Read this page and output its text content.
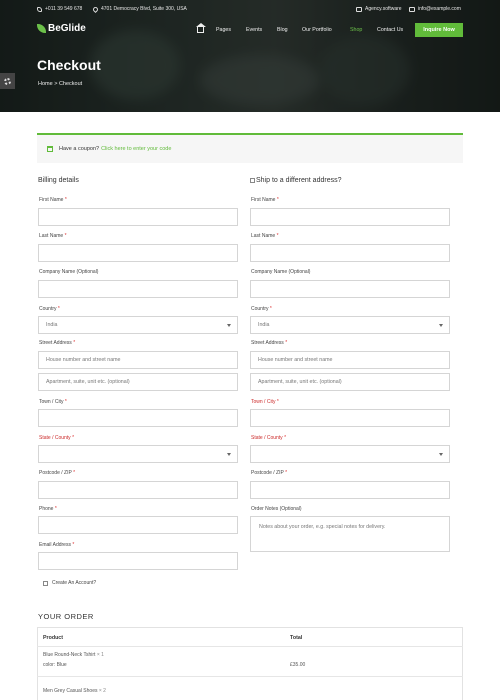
+011 39 549 678	4701 Democracy Blvd, Suite 300, USA	Agency.software	info@example.com
BeGlide	Pages	Events	Blog	Our Portfolio	Shop	Contact Us	Inquire Now
Checkout
Home > Checkout
Have a coupon? Click here to enter your code
Billing details
First Name *
Last Name *
Company Name (Optional)
Country *
India
Street Address *
House number and street name
Apartment, suite, unit etc. (optional)
Town / City *
State / County *
Postcode / ZIP *
Phone *
Email Address *
Create An Account?
Ship to a different address?
First Name *
Last Name *
Company Name (Optional)
Country *
India
Street Address *
House number and street name
Apartment, suite, unit etc. (optional)
Town / City *
State / County *
Postcode / ZIP *
Order Notes (Optional)
Notes about your order, e.g. special notes for delivery.
YOUR ORDER
Product	Total
Blue Round-Neck Tshirt × 1
color: Blue	£35.00
Men Grey Casual Shoes × 2
